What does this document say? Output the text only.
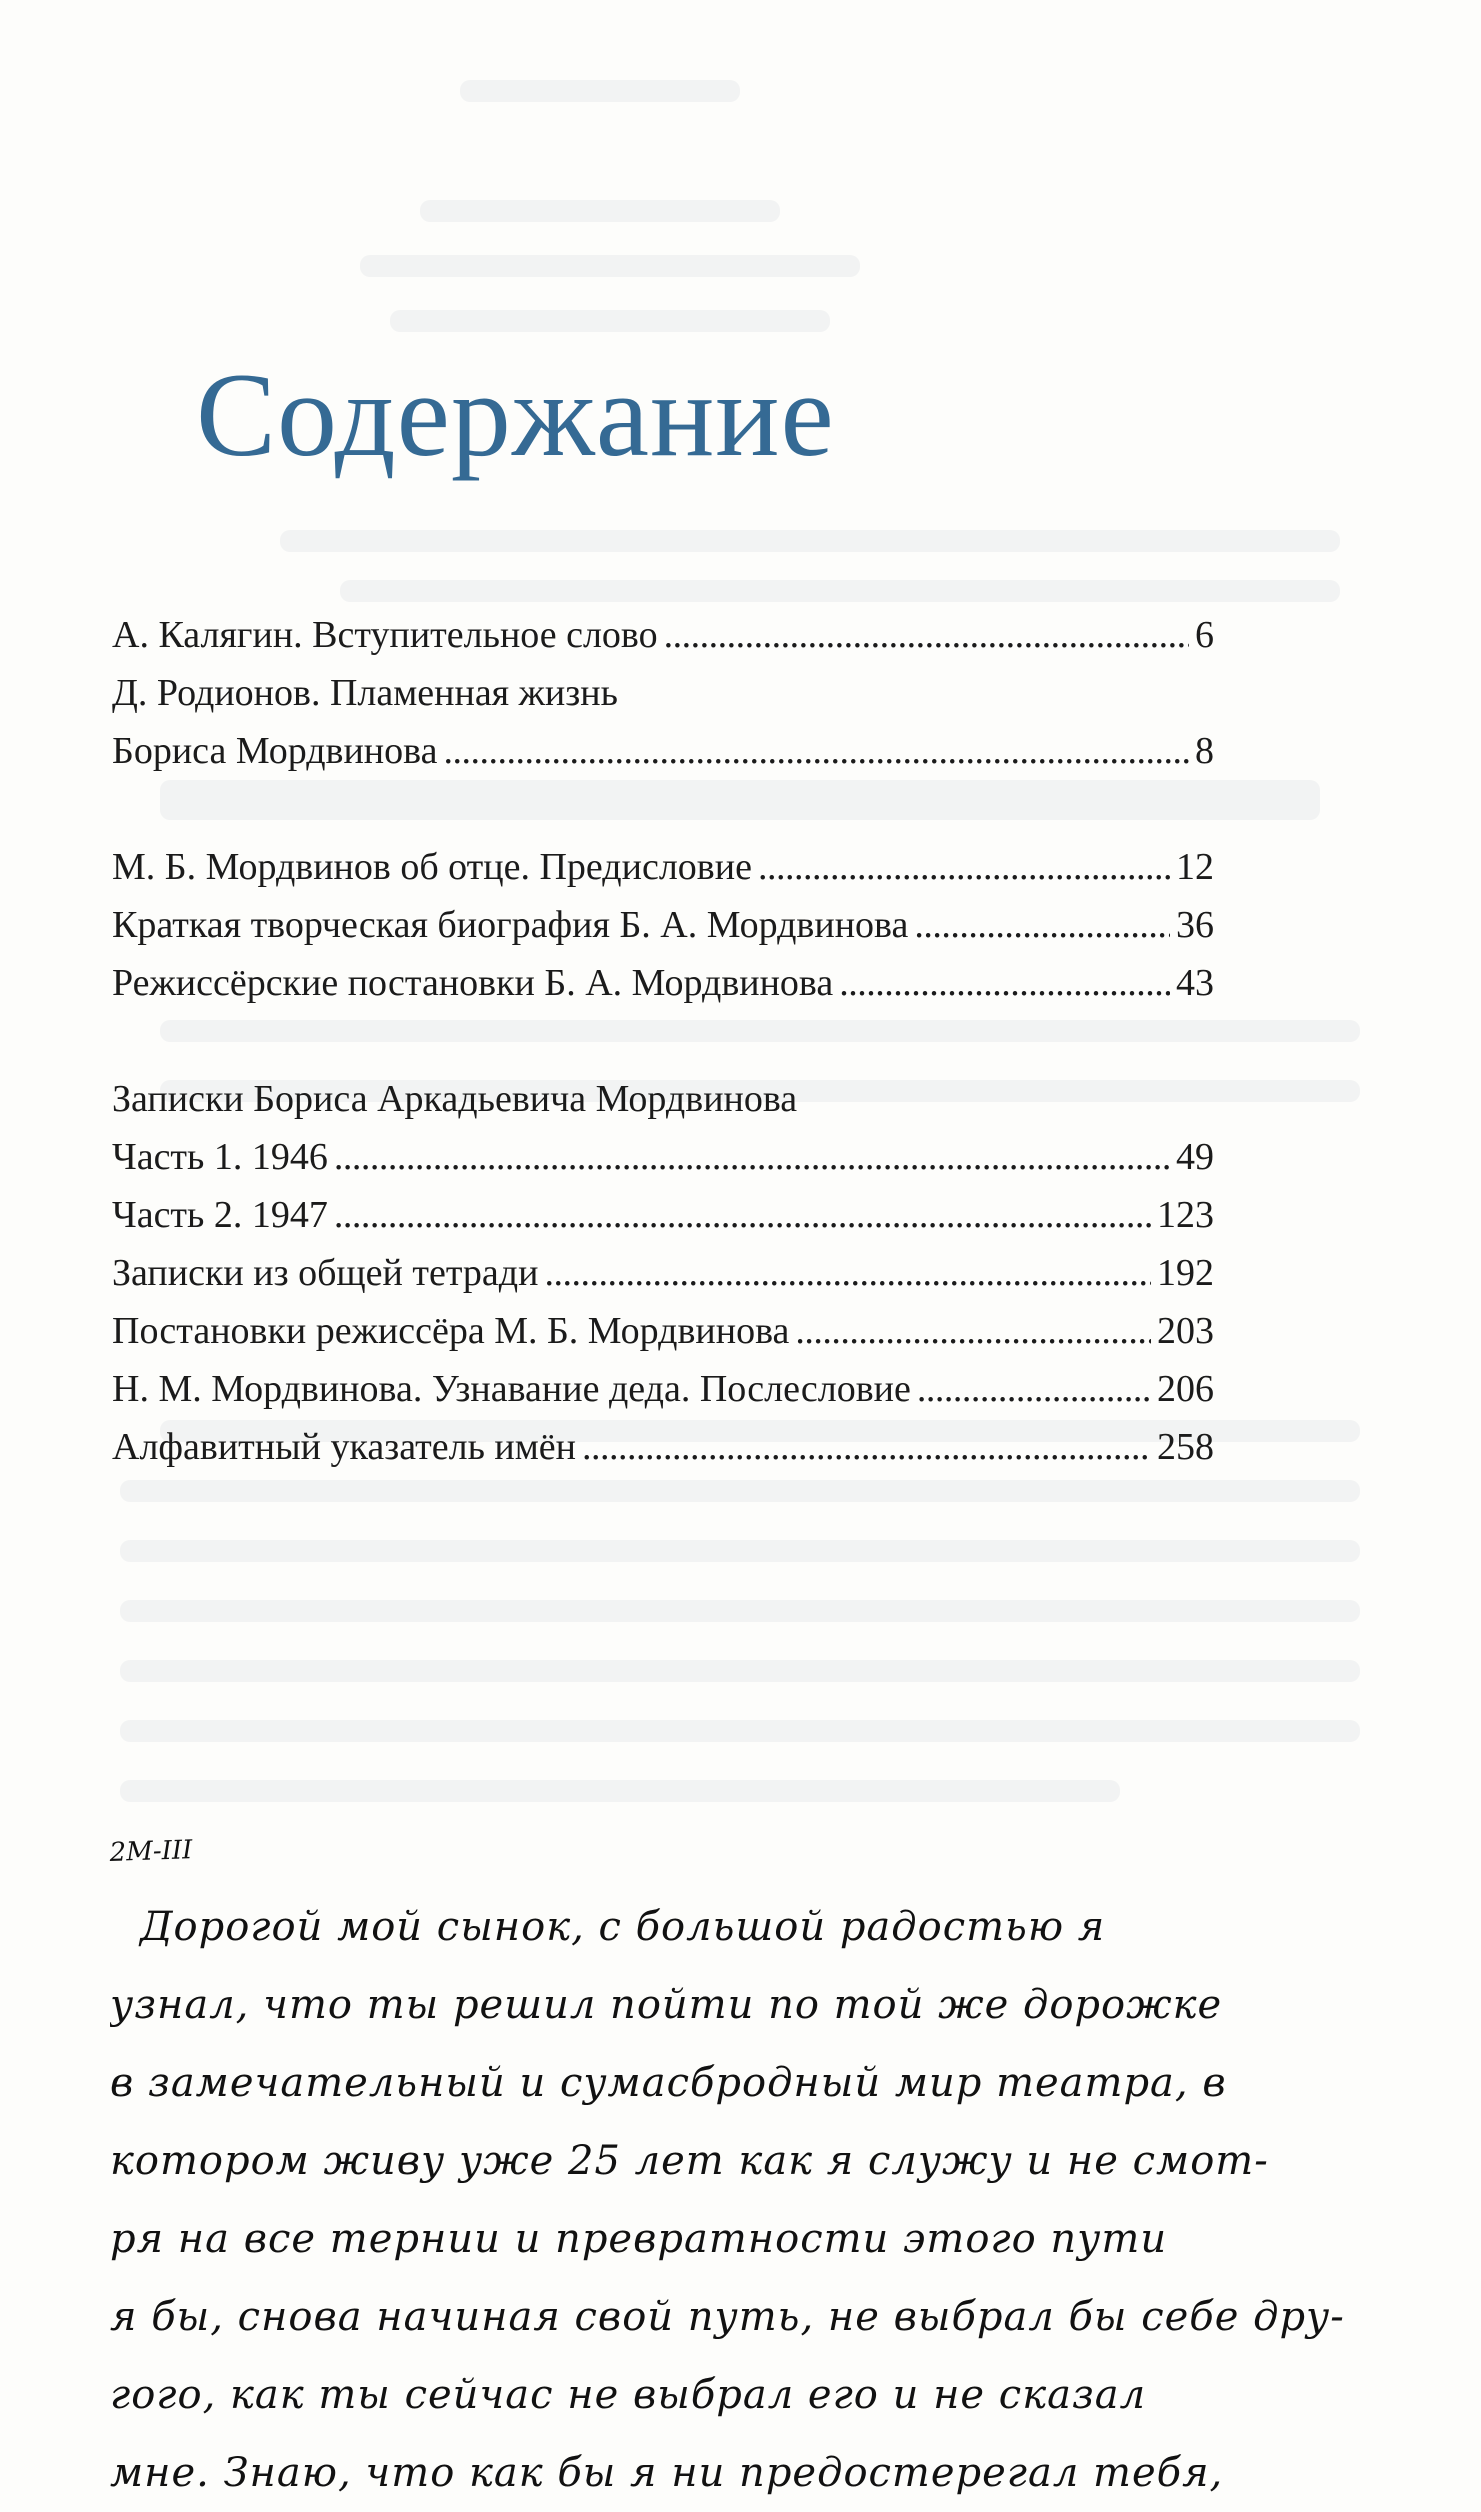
Содержание
А. Калягин. Вступительное слово . . .	6
Д. Родионов. Пламенная жизнь
Бориса Мордвинова . . .	8
М. Б. Мордвинов об отце. Предисловие . . .	12
Краткая творческая биография Б. А. Мордвинова . . .	36
Режиссёрские постановки Б. А. Мордвинова . . .	43
Записки Бориса Аркадьевича Мордвинова
Часть 1. 1946 . . .	49
Часть 2. 1947 . . .	123
Записки из общей тетради . . .	192
Постановки режиссёра М. Б. Мордвинова . . .	203
Н. М. Мордвинова. Узнавание деда. Послесловие . . .	206
Алфавитный указатель имён . . .	258
2М-III
Дорогой мой сынок, с большой радостью я
узнал, что ты решил пойти по той же дорожке
в замечательный и сумасбродный мир театра, в
котором живу уже 25 лет как я служу и не смот-
ря на все тернии и превратности этого пути
я бы, снова начиная свой путь, не выбрал бы себе дру-
гого, как ты сейчас не выбрал его и не сказал
мне. Знаю, что как бы я ни предостерегал тебя,
